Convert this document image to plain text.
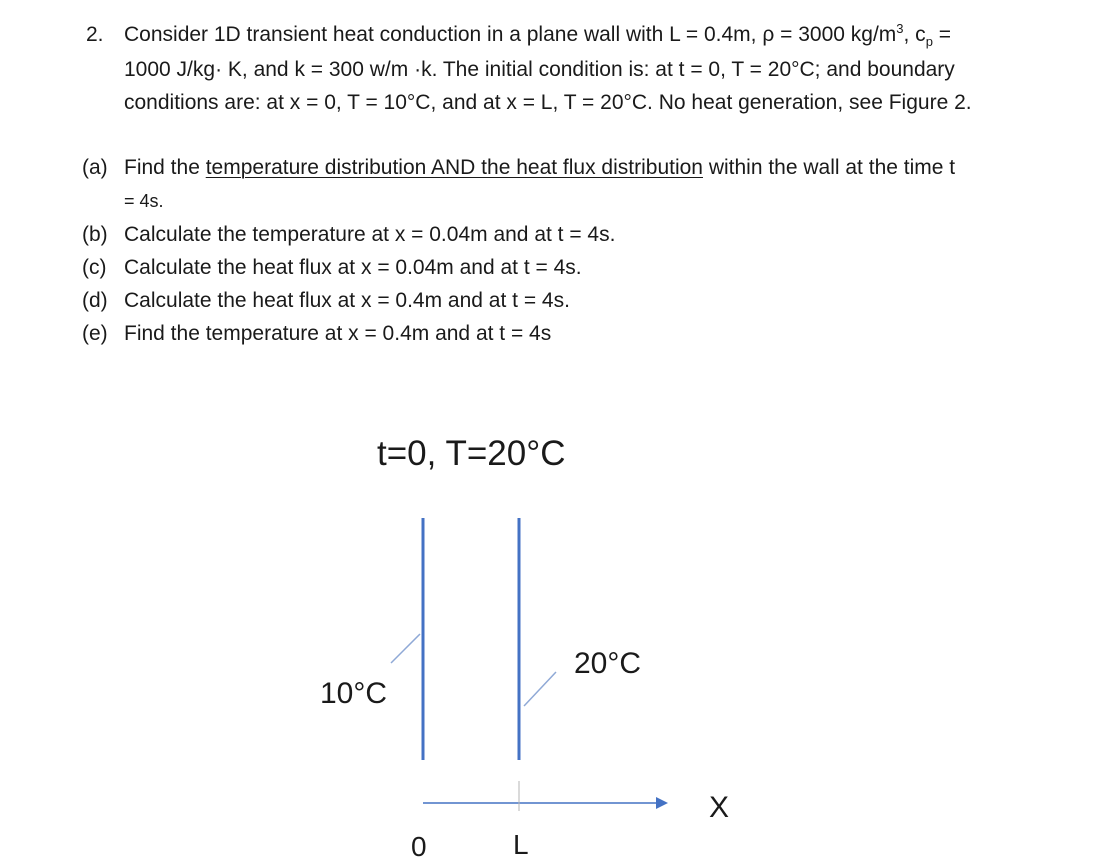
2. Consider 1D transient heat conduction in a plane wall with L = 0.4m, ρ = 3000 $kg/m^3$, $c_p$ =
1000 J/kg· K, and k = 300 w/m ·k. The initial condition is: at t = 0, T = 20°C; and boundary
conditions are: at x = 0, T = 10°C, and at x = L, T = 20°C. No heat generation, see Figure 2.
(a) Find the temperature distribution AND the heat flux distribution within the wall at the time t
= 4s.
(b) Calculate the temperature at x = 0.04m and at t = 4s.
(c) Calculate the heat flux at x = 0.04m and at t = 4s.
(d) Calculate the heat flux at x = 0.4m and at t = 4s.
(e) Find the temperature at x = 0.4m and at t = 4s
t=0, T=20°C
10°C
20°C
0	L
X
